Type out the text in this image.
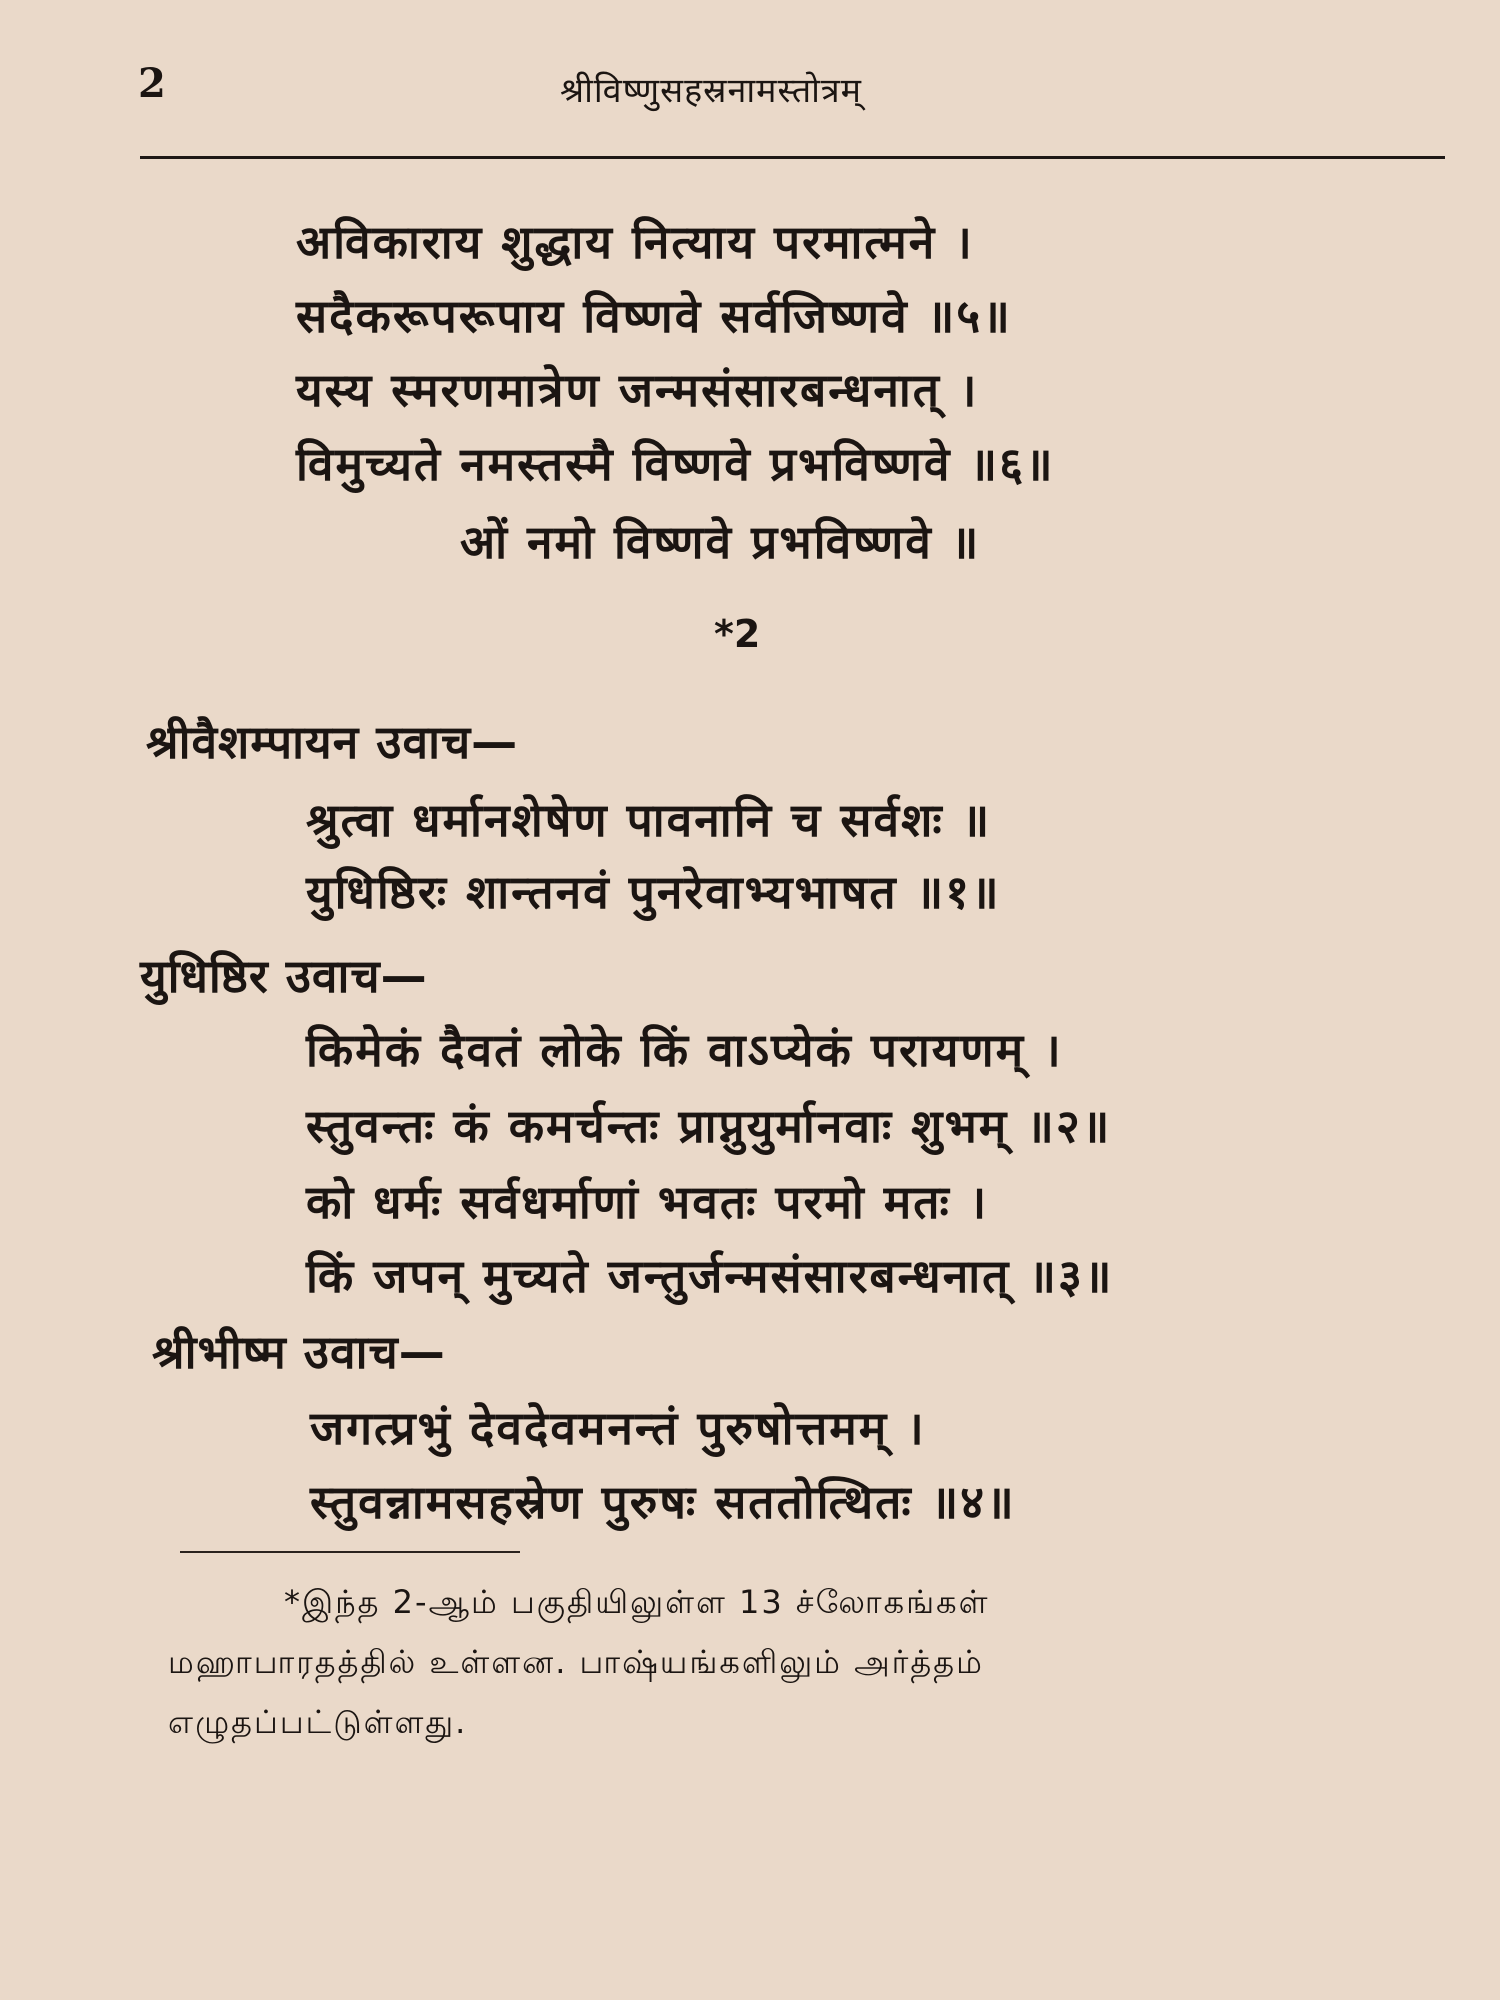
2	श्रीविष्णुसहस्रनामस्तोत्रम्
अविकाराय शुद्धाय नित्याय परमात्मने ।
सदैकरूपरूपाय विष्णवे सर्वजिष्णवे ॥५॥
यस्य स्मरणमात्रेण जन्मसंसारबन्धनात् ।
विमुच्यते नमस्तस्मै विष्णवे प्रभविष्णवे ॥६॥
ओं नमो विष्णवे प्रभविष्णवे ॥
*2
श्रीवैशम्पायन उवाच—
श्रुत्वा धर्मानशेषेण पावनानि च सर्वशः ॥
युधिष्ठिरः शान्तनवं पुनरेवाभ्यभाषत ॥१॥
युधिष्ठिर उवाच—
किमेकं दैवतं लोके किं वाऽप्येकं परायणम् ।
स्तुवन्तः कं कमर्चन्तः प्राप्नुयुर्मानवाः शुभम् ॥२॥
को धर्मः सर्वधर्माणां भवतः परमो मतः ।
किं जपन् मुच्यते जन्तुर्जन्मसंसारबन्धनात् ॥३॥
श्रीभीष्म उवाच—
जगत्प्रभुं देवदेवमनन्तं पुरुषोत्तमम् ।
स्तुवन्नामसहस्रेण पुरुषः सततोत्थितः ॥४॥
*இந்த 2-ஆம் பகுதியிலுள்ள 13 ச்லோகங்கள்
மஹாபாரதத்தில் உள்ளன. பாஷ்யங்களிலும் அர்த்தம்
எழுதப்பட்டுள்ளது.
